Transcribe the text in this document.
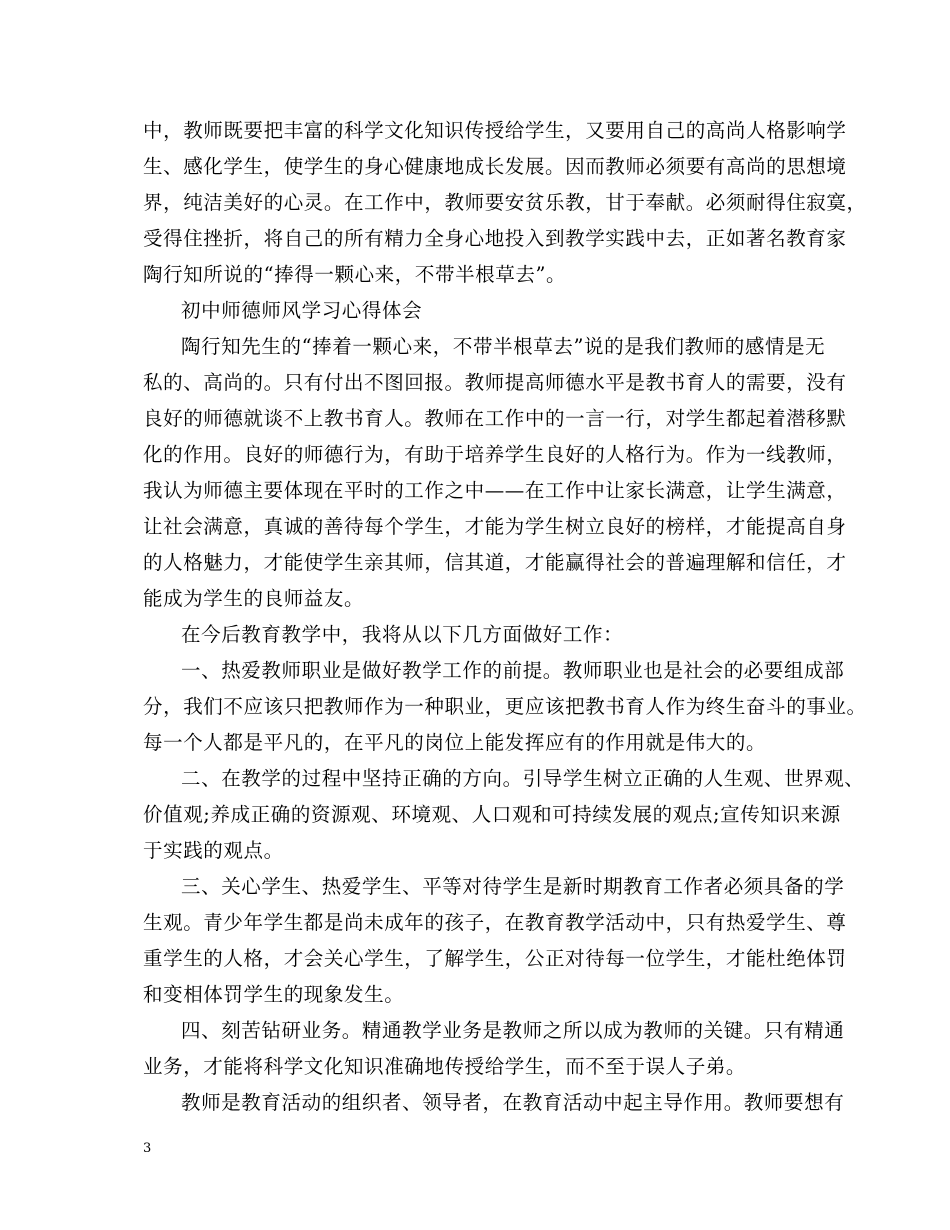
中，教师既要把丰富的科学文化知识传授给学生，又要用自己的高尚人格影响学
生、感化学生，使学生的身心健康地成长发展。因而教师必须要有高尚的思想境
界，纯洁美好的心灵。在工作中，教师要安贫乐教，甘于奉献。必须耐得住寂寞，
受得住挫折，将自己的所有精力全身心地投入到教学实践中去，正如著名教育家
陶行知所说的“捧得一颗心来，不带半根草去”。
初中师德师风学习心得体会
陶行知先生的“捧着一颗心来，不带半根草去”说的是我们教师的感情是无
私的、高尚的。只有付出不图回报。教师提高师德水平是教书育人的需要，没有
良好的师德就谈不上教书育人。教师在工作中的一言一行，对学生都起着潜移默
化的作用。良好的师德行为，有助于培养学生良好的人格行为。作为一线教师，
我认为师德主要体现在平时的工作之中——在工作中让家长满意，让学生满意，
让社会满意，真诚的善待每个学生，才能为学生树立良好的榜样，才能提高自身
的人格魅力，才能使学生亲其师，信其道，才能赢得社会的普遍理解和信任，才
能成为学生的良师益友。
在今后教育教学中，我将从以下几方面做好工作：
一、热爱教师职业是做好教学工作的前提。教师职业也是社会的必要组成部
分，我们不应该只把教师作为一种职业，更应该把教书育人作为终生奋斗的事业。
每一个人都是平凡的，在平凡的岗位上能发挥应有的作用就是伟大的。
二、在教学的过程中坚持正确的方向。引导学生树立正确的人生观、世界观、
价值观;养成正确的资源观、环境观、人口观和可持续发展的观点;宣传知识来源
于实践的观点。
三、关心学生、热爱学生、平等对待学生是新时期教育工作者必须具备的学
生观。青少年学生都是尚未成年的孩子，在教育教学活动中，只有热爱学生、尊
重学生的人格，才会关心学生，了解学生，公正对待每一位学生，才能杜绝体罚
和变相体罚学生的现象发生。
四、刻苦钻研业务。精通教学业务是教师之所以成为教师的关键。只有精通
业务，才能将科学文化知识准确地传授给学生，而不至于误人子弟。
教师是教育活动的组织者、领导者，在教育活动中起主导作用。教师要想有
3
